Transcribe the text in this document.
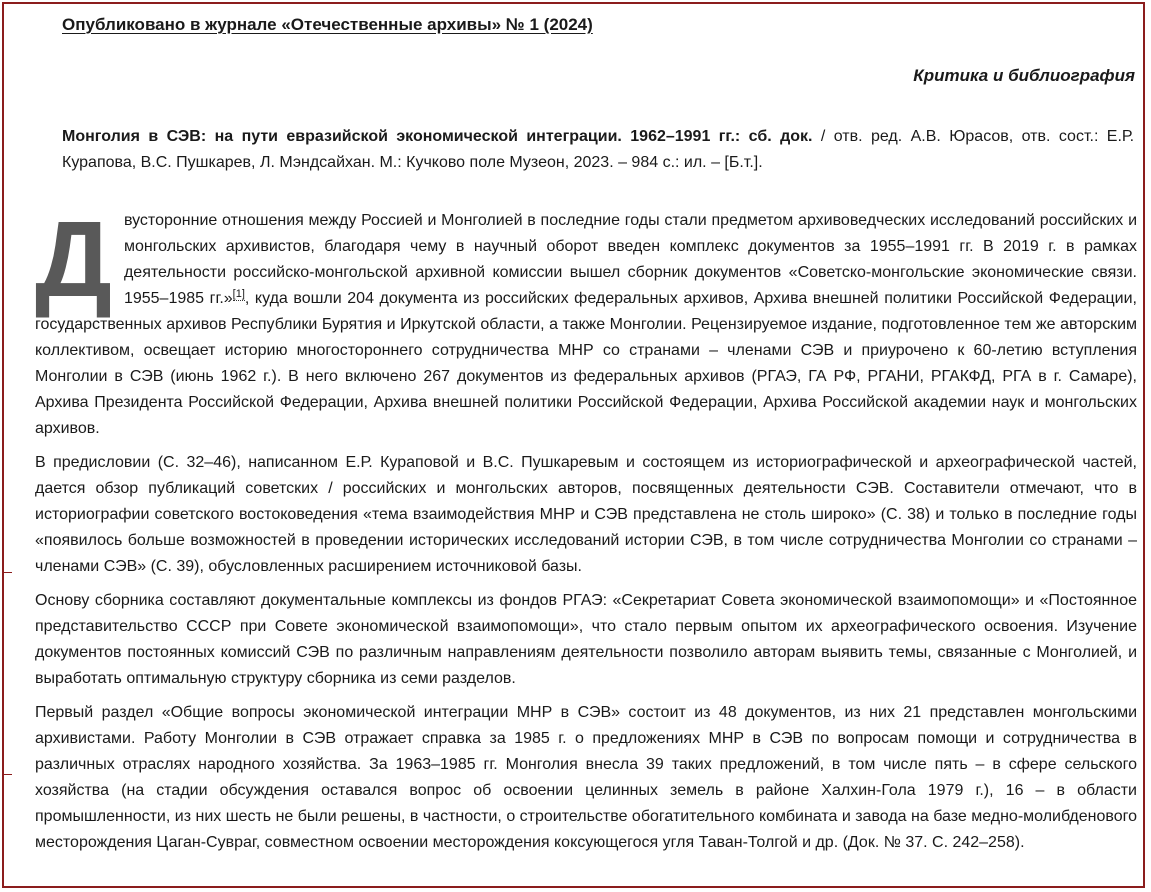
Опубликовано в журнале «Отечественные архивы» № 1 (2024)
Критика и библиография
Монголия в СЭВ: на пути евразийской экономической интеграции. 1962–1991 гг.: сб. док. / отв. ред. А.В. Юрасов, отв. сост.: Е.Р. Курапова, В.С. Пушкарев, Л. Мэндсайхан. М.: Кучково поле Музеон, 2023. – 984 с.: ил. – [Б.т.].

Двусторонние отношения между Россией и Монголией в последние годы стали предметом архивоведческих исследований российских и монгольских архивистов, благодаря чему в научный оборот введен комплекс документов за 1955–1991 гг. В 2019 г. в рамках деятельности российско-монгольской архивной комиссии вышел сборник документов «Советско-монгольские экономические связи. 1955–1985 гг.»[1], куда вошли 204 документа из российских федеральных архивов, Архива внешней политики Российской Федерации, государственных архивов Республики Бурятия и Иркутской области, а также Монголии. Рецензируемое издание, подготовленное тем же авторским коллективом, освещает историю многостороннего сотрудничества МНР со странами – членами СЭВ и приурочено к 60-летию вступления Монголии в СЭВ (июнь 1962 г.). В него включено 267 документов из федеральных архивов (РГАЭ, ГА РФ, РГАНИ, РГАКФД, РГА в г. Самаре), Архива Президента Российской Федерации, Архива внешней политики Российской Федерации, Архива Российской академии наук и монгольских архивов.

В предисловии (С. 32–46), написанном Е.Р. Кураповой и В.С. Пушкаревым и состоящем из историографической и археографической частей, дается обзор публикаций советских / российских и монгольских авторов, посвященных деятельности СЭВ. Составители отмечают, что в историографии советского востоковедения «тема взаимодействия МНР и СЭВ представлена не столь широко» (С. 38) и только в последние годы «появилось больше возможностей в проведении исторических исследований истории СЭВ, в том числе сотрудничества Монголии со странами – членами СЭВ» (С. 39), обусловленных расширением источниковой базы.

Основу сборника составляют документальные комплексы из фондов РГАЭ: «Секретариат Совета экономической взаимопомощи» и «Постоянное представительство СССР при Совете экономической взаимопомощи», что стало первым опытом их археографического освоения. Изучение документов постоянных комиссий СЭВ по различным направлениям деятельности позволило авторам выявить темы, связанные с Монголией, и выработать оптимальную структуру сборника из семи разделов.

Первый раздел «Общие вопросы экономической интеграции МНР в СЭВ» состоит из 48 документов, из них 21 представлен монгольскими архивистами. Работу Монголии в СЭВ отражает справка за 1985 г. о предложениях МНР в СЭВ по вопросам помощи и сотрудничества в различных отраслях народного хозяйства. За 1963–1985 гг. Монголия внесла 39 таких предложений, в том числе пять – в сфере сельского хозяйства (на стадии обсуждения оставался вопрос об освоении целинных земель в районе Халхин-Гола 1979 г.), 16 – в области промышленности, из них шесть не были решены, в частности, о строительстве обогатительного комбината и завода на базе медно-молибденового месторождения Цаган-Сувраг, совместном освоении месторождения коксующегося угля Таван-Толгой и др. (Док. № 37. С. 242–258).
